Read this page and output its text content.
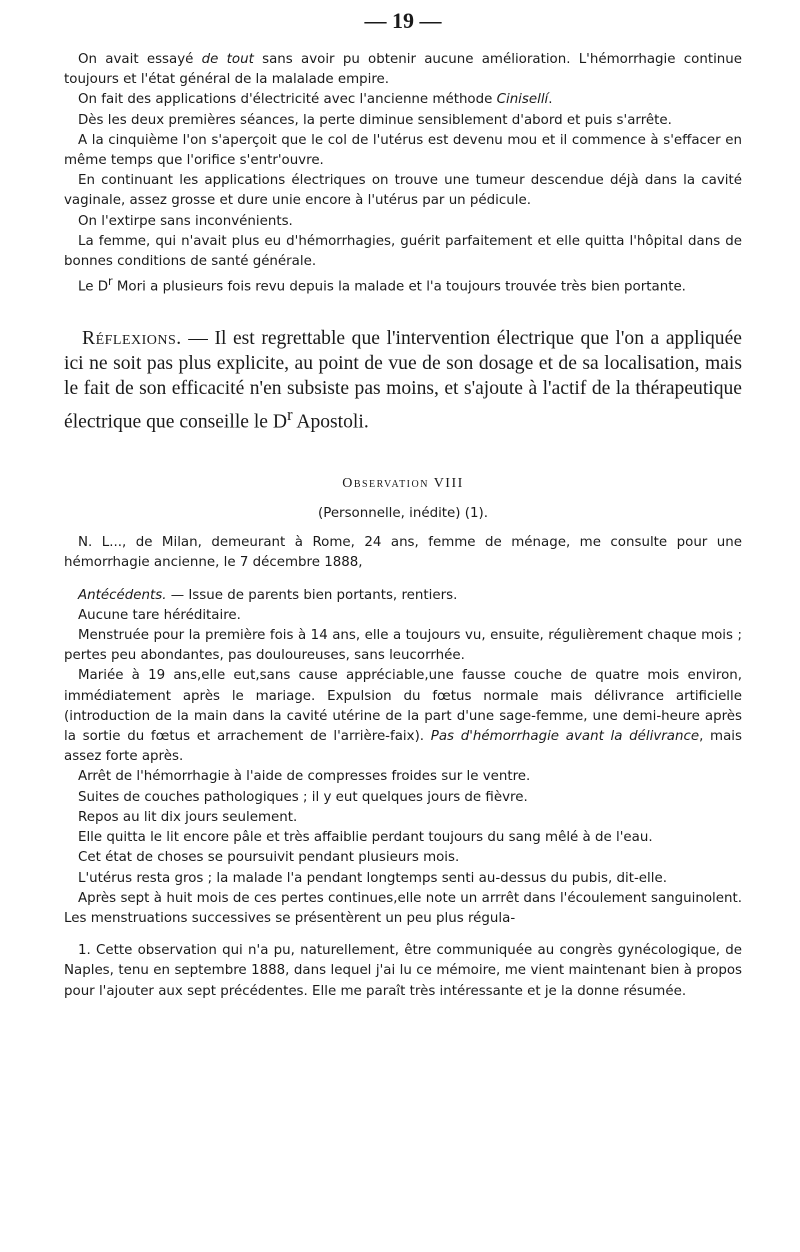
— 19 —

On avait essayé de tout sans avoir pu obtenir aucune amélioration. L'hémorrhagie continue toujours et l'état général de la malalade empire.

On fait des applications d'électricité avec l'ancienne méthode Cinisellí.

Dès les deux premières séances, la perte diminue sensiblement d'abord et puis s'arrête.

A la cinquième l'on s'aperçoit que le col de l'utérus est devenu mou et il commence à s'effacer en même temps que l'orifice s'entr'ouvre.

En continuant les applications électriques on trouve une tumeur descendue déjà dans la cavité vaginale, assez grosse et dure unie encore à l'utérus par un pédicule.

On l'extirpe sans inconvénients.

La femme, qui n'avait plus eu d'hémorrhagies, guérit parfaitement et elle quitta l'hôpital dans de bonnes conditions de santé générale.

Le $D^r$ Mori a plusieurs fois revu depuis la malade et l'a toujours trouvée très bien portante.

Réflexions. — Il est regrettable que l'intervention électrique que l'on a appliquée ici ne soit pas plus explicite, au point de vue de son dosage et de sa localisation, mais le fait de son efficacité n'en subsiste pas moins, et s'ajoute à l'actif de la thérapeutique électrique que conseille le $D^r$ Apostoli.

Observation VIII
(Personnelle, inédite) (1).

N. L..., de Milan, demeurant à Rome, 24 ans, femme de ménage, me consulte pour une hémorrhagie ancienne, le 7 décembre 1888,

Antécédents. — Issue de parents bien portants, rentiers.

Aucune tare héréditaire.

Menstruée pour la première fois à 14 ans, elle a toujours vu, ensuite, régulièrement chaque mois ; pertes peu abondantes, pas douloureuses, sans leucorrhée.

Mariée à 19 ans,elle eut,sans cause appréciable,une fausse couche de quatre mois environ, immédiatement après le mariage. Expulsion du fœtus normale mais délivrance artificielle (introduction de la main dans la cavité utérine de la part d'une sage-femme, une demi-heure après la sortie du fœtus et arrachement de l'arrière-faix). Pas d'hémorrhagie avant la délivrance, mais assez forte après.

Arrêt de l'hémorrhagie à l'aide de compresses froides sur le ventre.

Suites de couches pathologiques ; il y eut quelques jours de fièvre.

Repos au lit dix jours seulement.

Elle quitta le lit encore pâle et très affaiblie perdant toujours du sang mêlé à de l'eau.

Cet état de choses se poursuivit pendant plusieurs mois.

L'utérus resta gros ; la malade l'a pendant longtemps senti au-dessus du pubis, dit-elle.

Après sept à huit mois de ces pertes continues,elle note un arrrêt dans l'écoulement sanguinolent. Les menstruations successives se présentèrent un peu plus régula-

1. Cette observation qui n'a pu, naturellement, être communiquée au congrès gynécologique, de Naples, tenu en septembre 1888, dans lequel j'ai lu ce mémoire, me vient maintenant bien à propos pour l'ajouter aux sept précédentes. Elle me paraît très intéressante et je la donne résumée.
